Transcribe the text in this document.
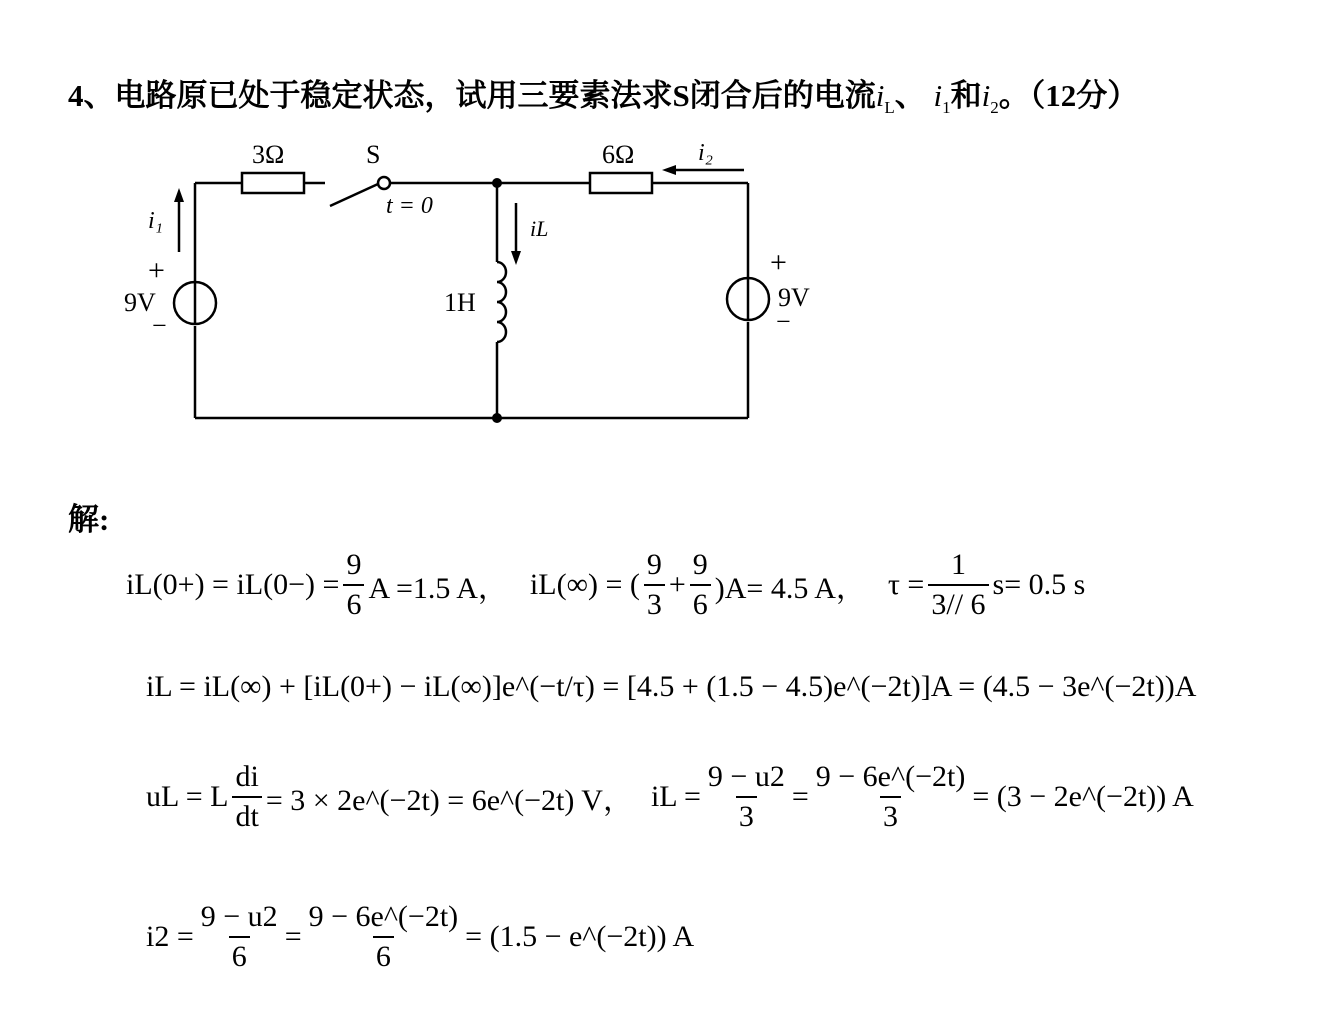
4、电路原已处于稳定状态，试用三要素法求S闭合后的电流$i_L$、 $i_1$和$i_2$。（12分）
3Ω	S
t = 0
6Ω	i₂
i₁	iL
1H
9V	9V
+
−
+
−
解:
$iL(0+) = iL(0-) = \frac{9}{6}$ A =1.5 A， iL(∞) = ( $\frac{9}{3} + \frac{9}{6} )A= 4.5$ A， $\tau = \frac{1}{3// 6} s= 0.5$ s
iL = iL(∞) + [iL(0+) − iL(∞)]e^(−t/τ) = [4.5 + (1.5 − 4.5)e^(−2t)]A = (4.5 − 3e^(−2t))A
uL = L $\frac{di}{dt} = 3$ × 2e^(−2t) = 6e^(−2t) V， iL = $\frac{9 - u2}{3} = \frac{9 - 6e\^{}(-2t)}{3} = (3$ − 2e^(−2t)) A
$i2 = \frac{9 - u2}{6} = \frac{9 - 6e\^{}(-2t)}{6} = (1.5$ − e^(−2t)) A
